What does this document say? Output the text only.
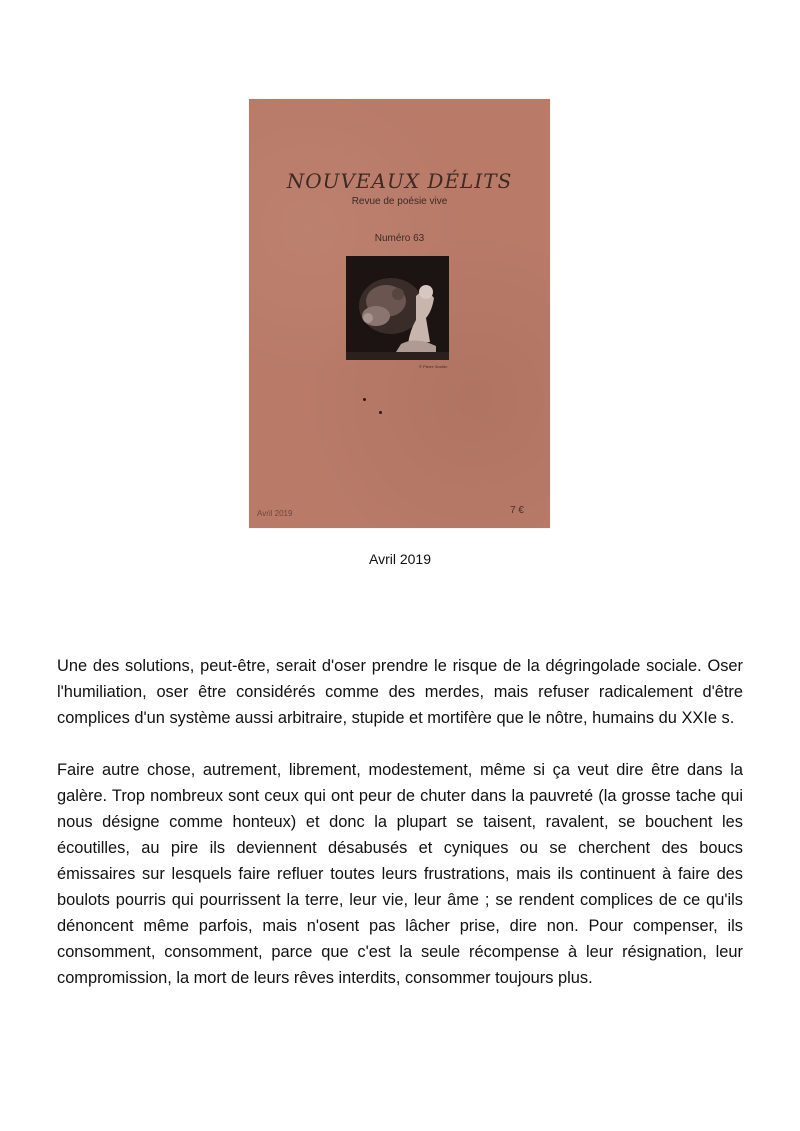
NOUVEAUX DÉLITS
Revue de poésie vive
Numéro 63
© Pierre Soulier
Avril 2019	7 €
Avril 2019

Une des solutions, peut-être, serait d'oser prendre le risque de la dégringolade sociale. Oser l'humiliation, oser être considérés comme des merdes, mais refuser radicalement d'être complices d'un système aussi arbitraire, stupide et mortifère que le nôtre, humains du XXIe s.

Faire autre chose, autrement, librement, modestement, même si ça veut dire être dans la galère. Trop nombreux sont ceux qui ont peur de chuter dans la pauvreté (la grosse tache qui nous désigne comme honteux) et donc la plupart se taisent, ravalent, se bouchent les écoutilles, au pire ils deviennent désabusés et cyniques ou se cherchent des boucs émissaires sur lesquels faire refluer toutes leurs frustrations, mais ils continuent à faire des boulots pourris qui pourrissent la terre, leur vie, leur âme ; se rendent complices de ce qu'ils dénoncent même parfois, mais n'osent pas lâcher prise, dire non. Pour compenser, ils consomment, consomment, parce que c'est la seule récompense à leur résignation, leur compromission, la mort de leurs rêves interdits, consommer toujours plus.
